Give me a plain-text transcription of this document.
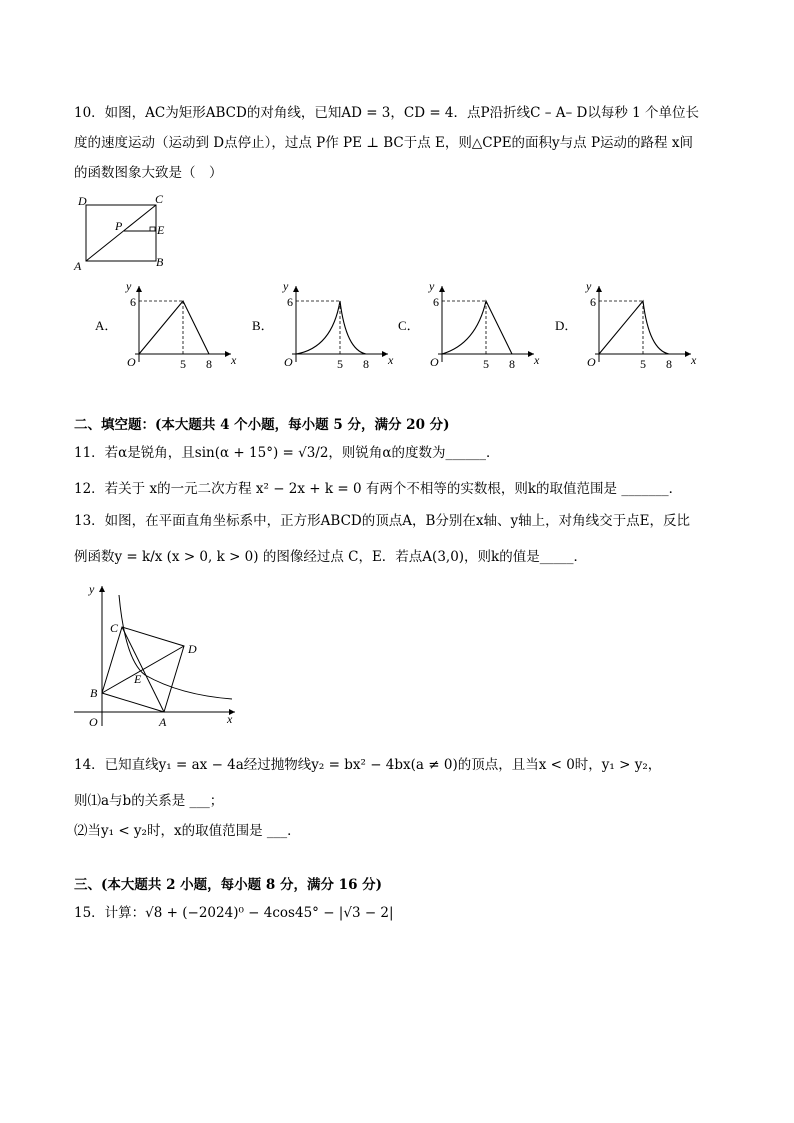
10．如图，AC为矩形ABCD的对角线，已知AD = 3，CD = 4．点P沿折线C – A– D以每秒 1 个单位长
度的速度运动（运动到 D点停止），过点 P作 PE ⊥ BC于点 E，则△CPE的面积y与点 P运动的路程 x间
的函数图象大致是（　）
D	C
A	B
P	E
A．
y
x
O
6
5 8
B．
y
x
O
6
5 8
C．
y
x
O
6
5 8
D．
y
x
O
6
5 8
二、填空题：(本大题共 4 个小题，每小题 5 分，满分 20 分)
11．若α是锐角，且sin(α + 15°) = √3/2，则锐角α的度数为______．
12．若关于 x的一元二次方程 x² − 2x + k = 0 有两个不相等的实数根，则k的取值范围是 _______．
13．如图，在平面直角坐标系中，正方形ABCD的顶点A，B分别在x轴、y轴上，对角线交于点E，反比
例函数y = k/x (x > 0, k > 0) 的图像经过点 C，E．若点A(3,0)，则k的值是_____．
y
x
O	A
B
C
D
E
14．已知直线y₁ = ax − 4a经过抛物线y₂ = bx² − 4bx(a ≠ 0)的顶点，且当x < 0时，y₁ > y₂，
则⑴a与b的关系是 ___；
⑵当y₁ < y₂时，x的取值范围是 ___．
三、(本大题共 2 小题，每小题 8 分，满分 16 分)
15．计算：√8 + (−2024)⁰ − 4cos45° − |√3 − 2|
